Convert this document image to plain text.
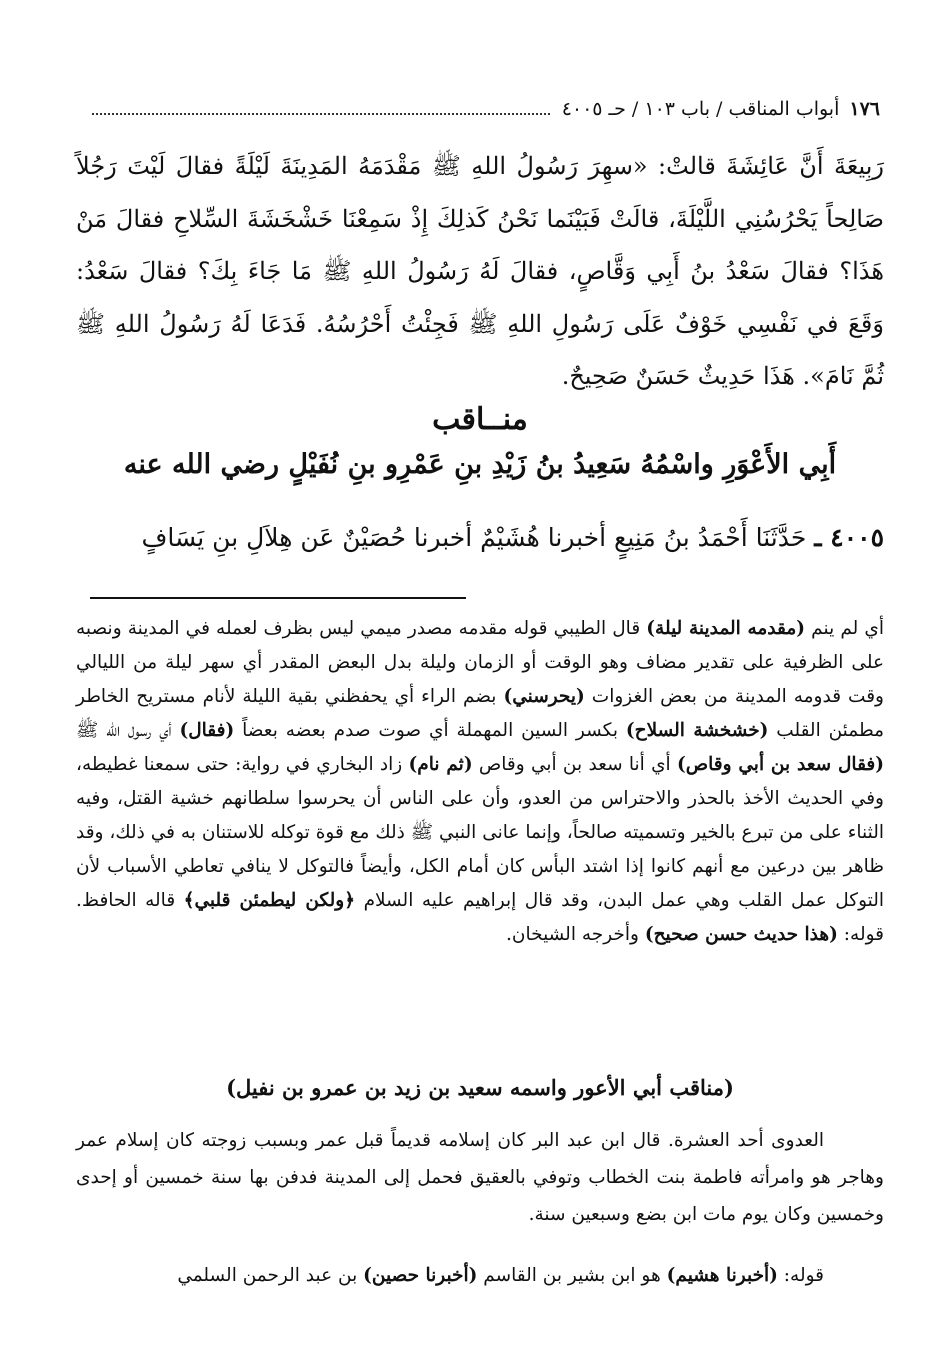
١٧٦
أبواب المناقب / باب ١٠٣ / حـ ٤٠٠٥
رَبِيعَةَ أَنَّ عَائِشَةَ قالتْ: «سهِرَ رَسُولُ اللهِ ﷺ مَقْدَمَهُ المَدِينَةَ لَيْلَةً فقالَ لَيْتَ رَجُلاً صَالِحاً يَحْرُسُنِي اللَّيْلَةَ، قالَتْ فَبَيْنَما نَحْنُ كَذلِكَ إِذْ سَمِعْنَا خَشْخَشَةَ السِّلاحِ فقالَ مَنْ هَذَا؟ فقالَ سَعْدُ بنُ أَبِي وَقَّاصٍ، فقالَ لَهُ رَسُولُ اللهِ ﷺ مَا جَاءَ بِكَ؟ فقالَ سَعْدُ: وَقَعَ في نَفْسِي خَوْفٌ عَلَى رَسُولِ اللهِ ﷺ فَجِئْتُ أَحْرُسُهُ. فَدَعَا لَهُ رَسُولُ اللهِ ﷺ ثُمَّ نَامَ». هَذَا حَدِيثٌ حَسَنٌ صَحِيحٌ.
منــاقب
أَبِي الأَعْوَرِ واسْمُهُ سَعِيدُ بنُ زَيْدِ بنِ عَمْرِو بنِ نُفَيْلٍ رضي الله عنه
٤٠٠٥ ـ حَدَّثَنَا أَحْمَدُ بنُ مَنِيعٍ أخبرنا هُشَيْمٌ أخبرنا حُصَيْنٌ عَن هِلاَلِ بنِ يَسَافٍ
أي لم ينم (مقدمه المدينة ليلة) قال الطيبي قوله مقدمه مصدر ميمي ليس بظرف لعمله في المدينة ونصبه على الظرفية على تقدير مضاف وهو الوقت أو الزمان وليلة بدل البعض المقدر أي سهر ليلة من الليالي وقت قدومه المدينة من بعض الغزوات (يحرسني) بضم الراء أي يحفظني بقية الليلة لأنام مستريح الخاطر مطمئن القلب (خشخشة السلاح) بكسر السين المهملة أي صوت صدم بعضه بعضاً (فقال) أي رسول الله ﷺ (فقال سعد بن أبي وقاص) أي أنا سعد بن أبي وقاص (ثم نام) زاد البخاري في رواية: حتى سمعنا غطيطه، وفي الحديث الأخذ بالحذر والاحتراس من العدو، وأن على الناس أن يحرسوا سلطانهم خشية القتل، وفيه الثناء على من تبرع بالخير وتسميته صالحاً، وإنما عانى النبي ﷺ ذلك مع قوة توكله للاستنان به في ذلك، وقد ظاهر بين درعين مع أنهم كانوا إذا اشتد البأس كان أمام الكل، وأيضاً فالتوكل لا ينافي تعاطي الأسباب لأن التوكل عمل القلب وهي عمل البدن، وقد قال إبراهيم عليه السلام ﴿ولكن ليطمئن قلبي﴾ قاله الحافظ. قوله: (هذا حديث حسن صحيح) وأخرجه الشيخان.
(مناقب أبي الأعور واسمه سعيد بن زيد بن عمرو بن نفيل)
العدوى أحد العشرة. قال ابن عبد البر كان إسلامه قديماً قبل عمر وبسبب زوجته كان إسلام عمر وهاجر هو وامرأته فاطمة بنت الخطاب وتوفي بالعقيق فحمل إلى المدينة فدفن بها سنة خمسين أو إحدى وخمسين وكان يوم مات ابن بضع وسبعين سنة.
قوله: (أخبرنا هشيم) هو ابن بشير بن القاسم (أخبرنا حصين) بن عبد الرحمن السلمي
